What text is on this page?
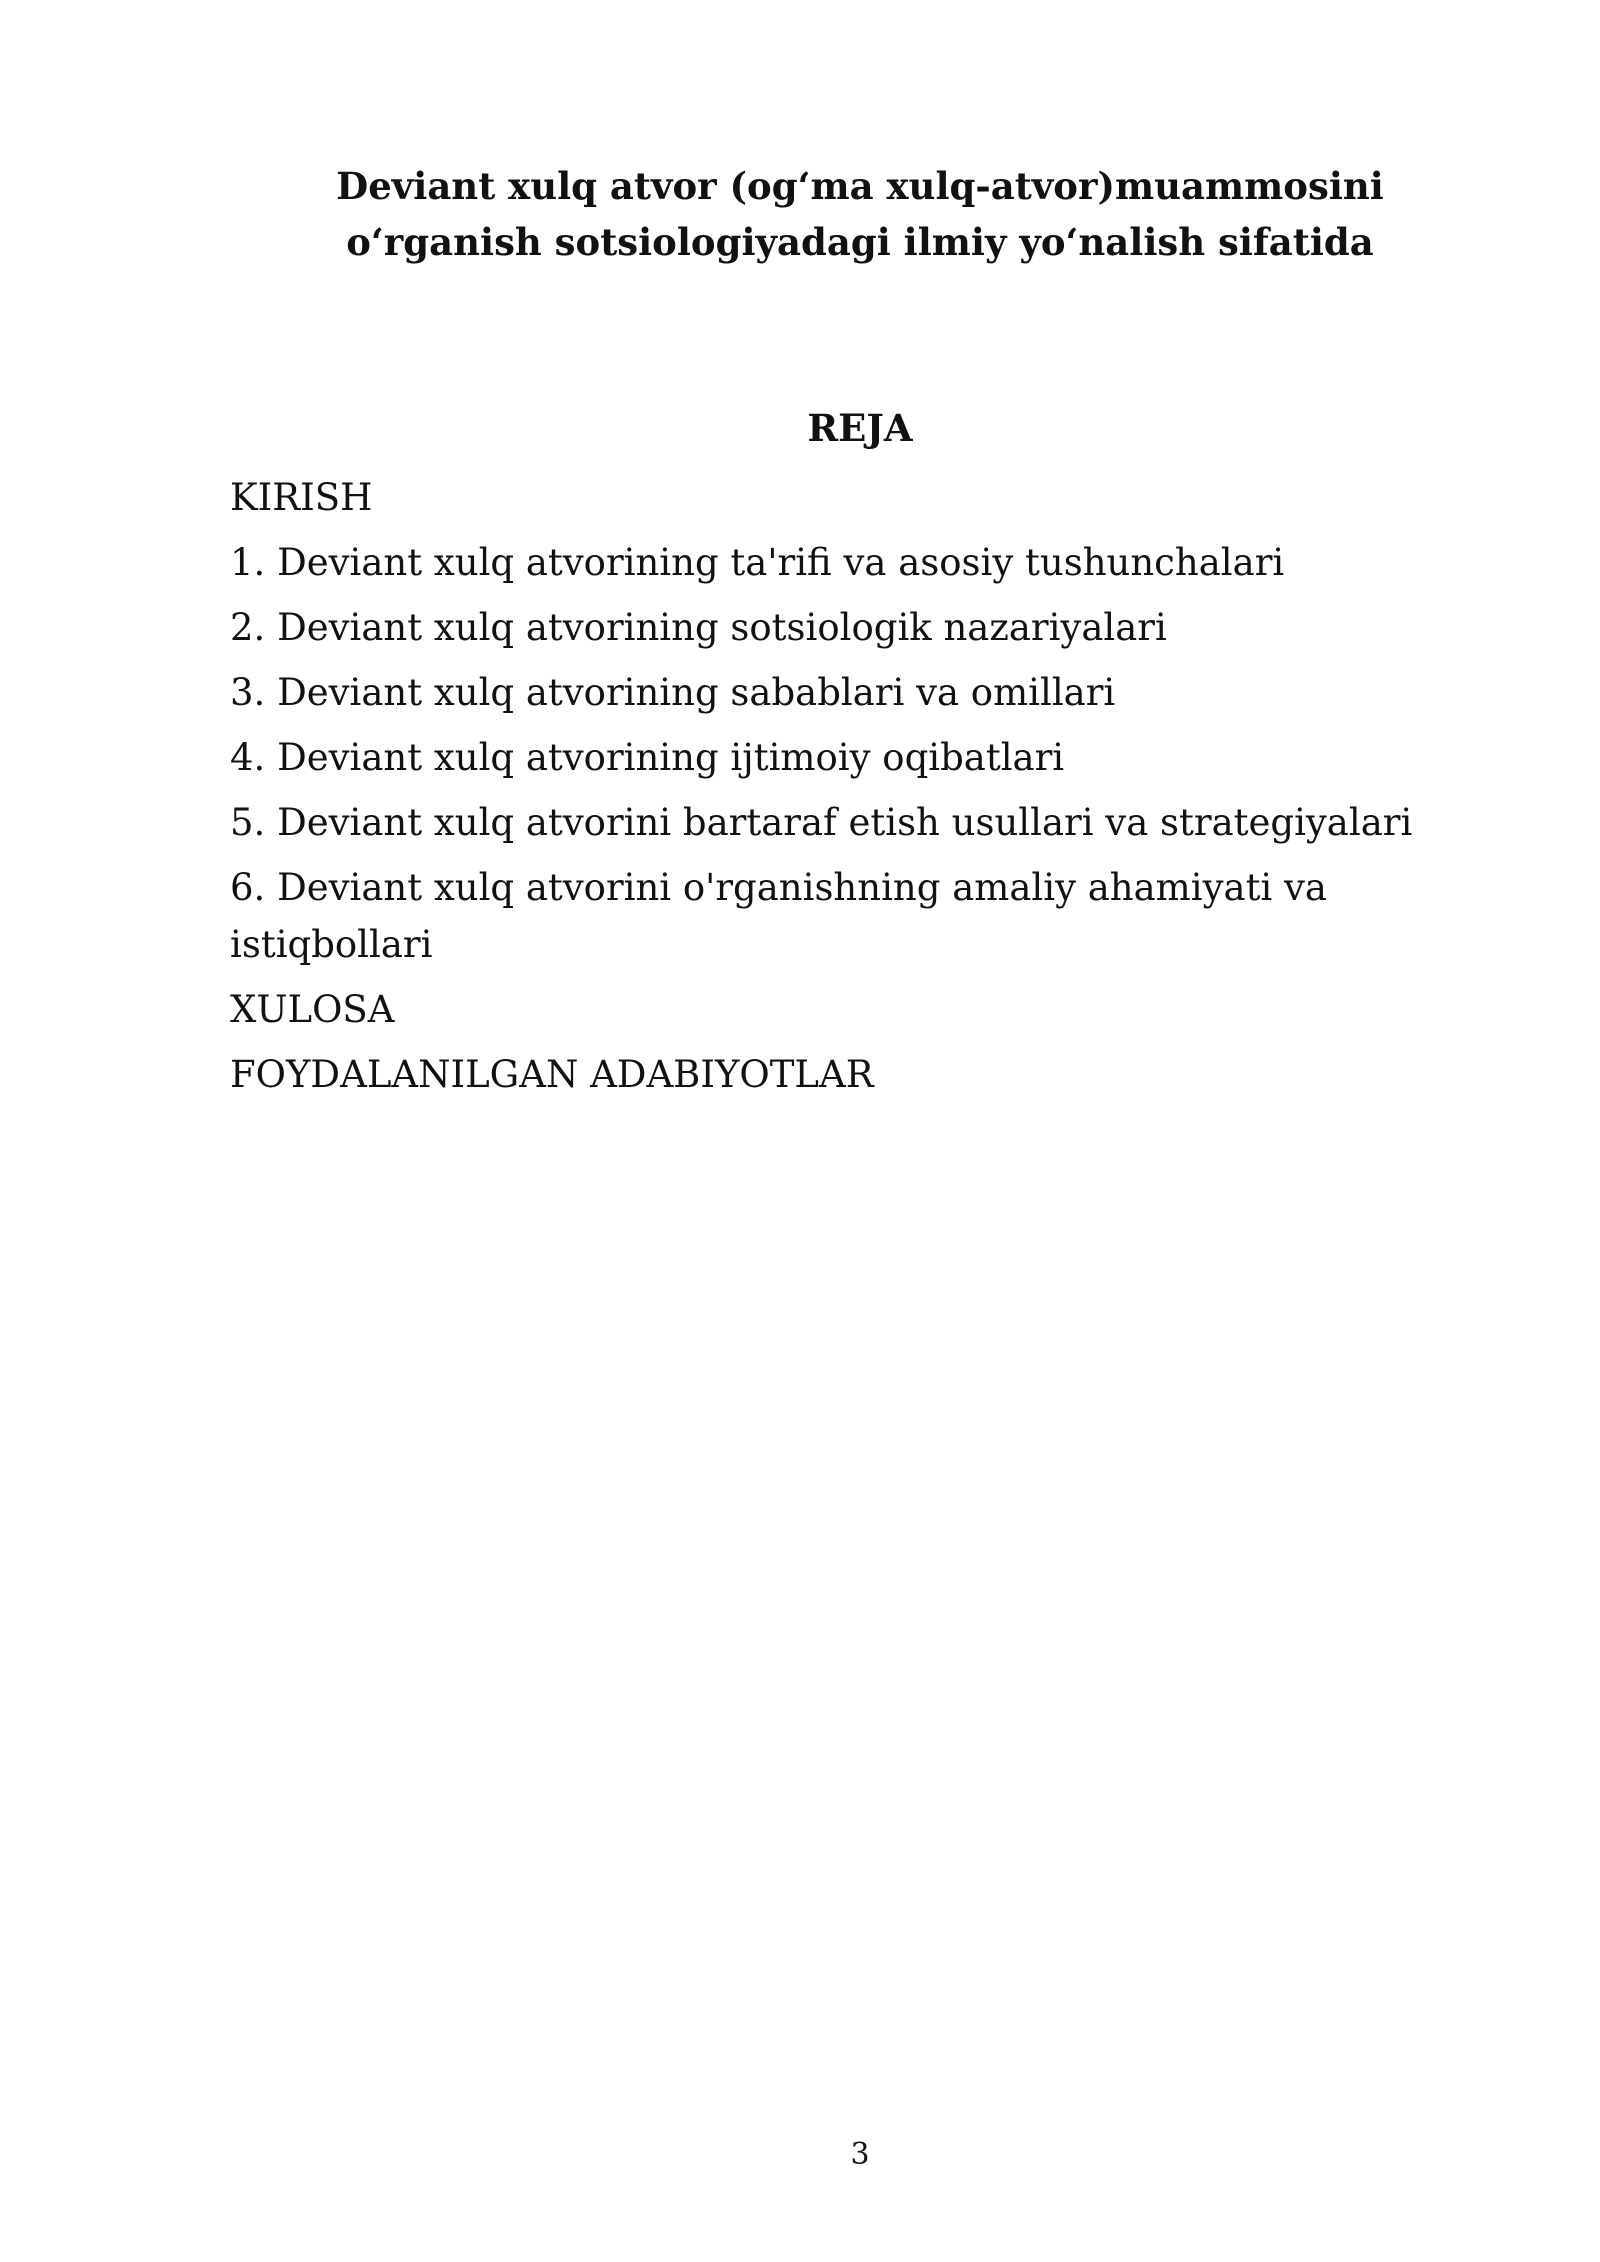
Deviant xulq atvor (og‘ma xulq-atvor)muammosini
o‘rganish sotsiologiyadagi ilmiy yo‘nalish sifatida
REJA
KIRISH
1. Deviant xulq atvorining ta'rifi va asosiy tushunchalari
2. Deviant xulq atvorining sotsiologik nazariyalari
3. Deviant xulq atvorining sabablari va omillari
4. Deviant xulq atvorining ijtimoiy oqibatlari
5. Deviant xulq atvorini bartaraf etish usullari va strategiyalari
6. Deviant xulq atvorini o'rganishning amaliy ahamiyati va istiqbollari
XULOSA
FOYDALANILGAN ADABIYOTLAR
3
